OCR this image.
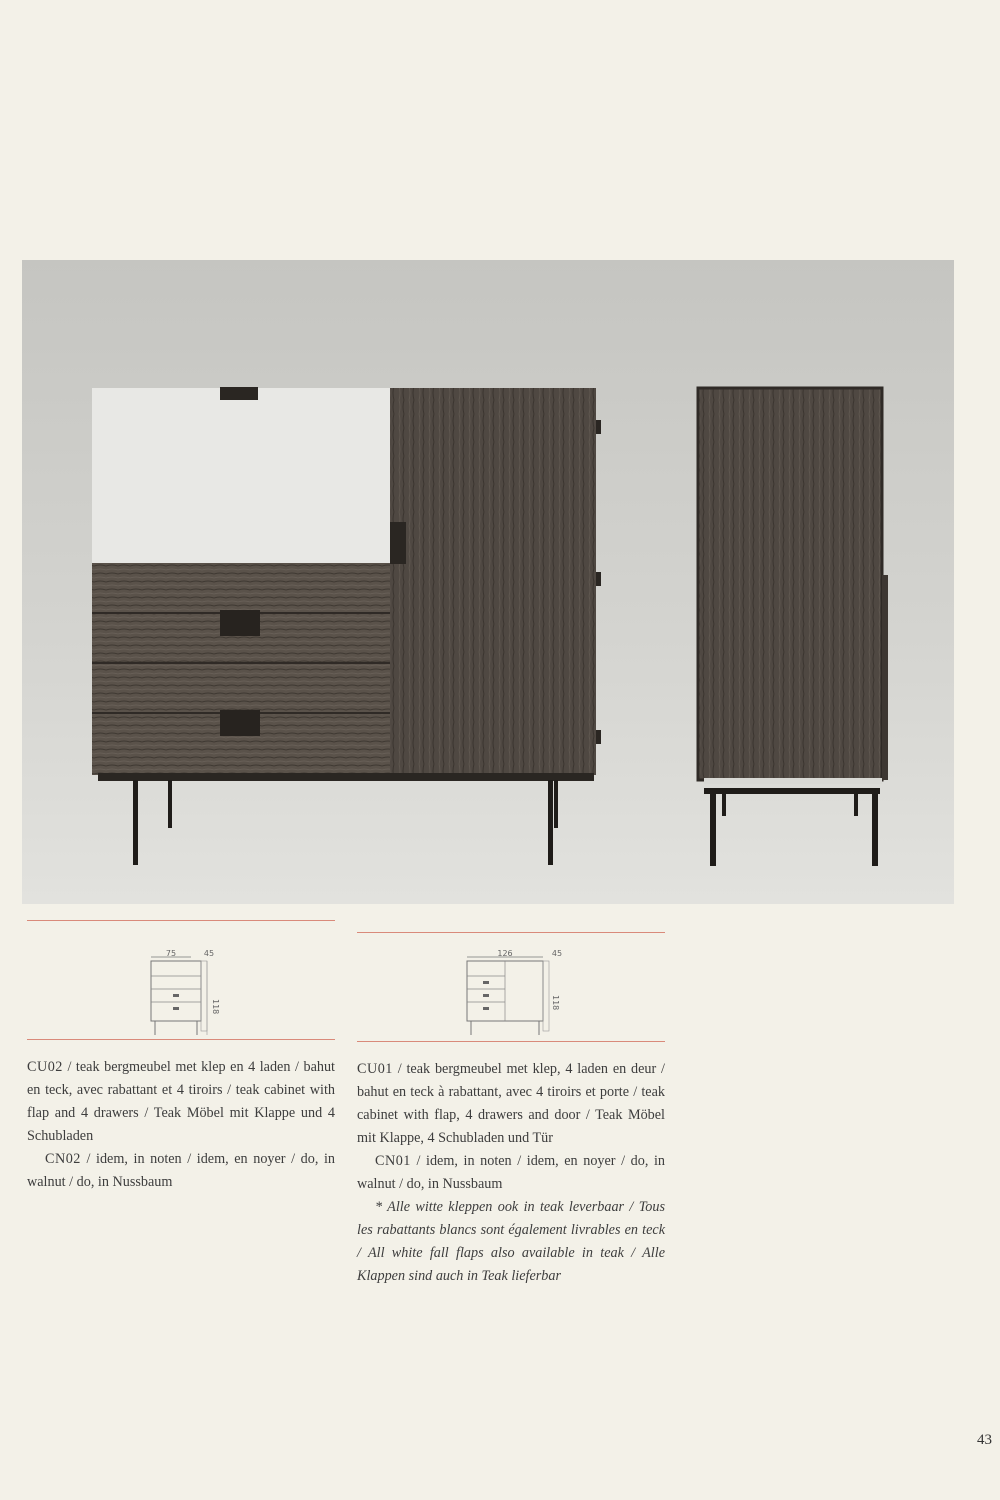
75	45
118

CU02 / teak bergmeubel met klep en 4 laden / bahut en teck, avec rabattant et 4 tiroirs / teak cabinet with flap and 4 drawers / Teak Möbel mit Klappe und 4 Schubladen

CN02 / idem, in noten / idem, en noyer / do, in walnut / do, in Nussbaum

126	45
118

CU01 / teak bergmeubel met klep, 4 laden en deur / bahut en teck à rabattant, avec 4 tiroirs et porte / teak cabinet with flap, 4 drawers and door / Teak Möbel mit Klappe, 4 Schubladen und Tür

CN01 / idem, in noten / idem, en noyer / do, in walnut / do, in Nussbaum

* Alle witte kleppen ook in teak leverbaar / Tous les rabattants blancs sont également livrables en teck / All white fall flaps also available in teak / Alle Klappen sind auch in Teak lieferbar

43
